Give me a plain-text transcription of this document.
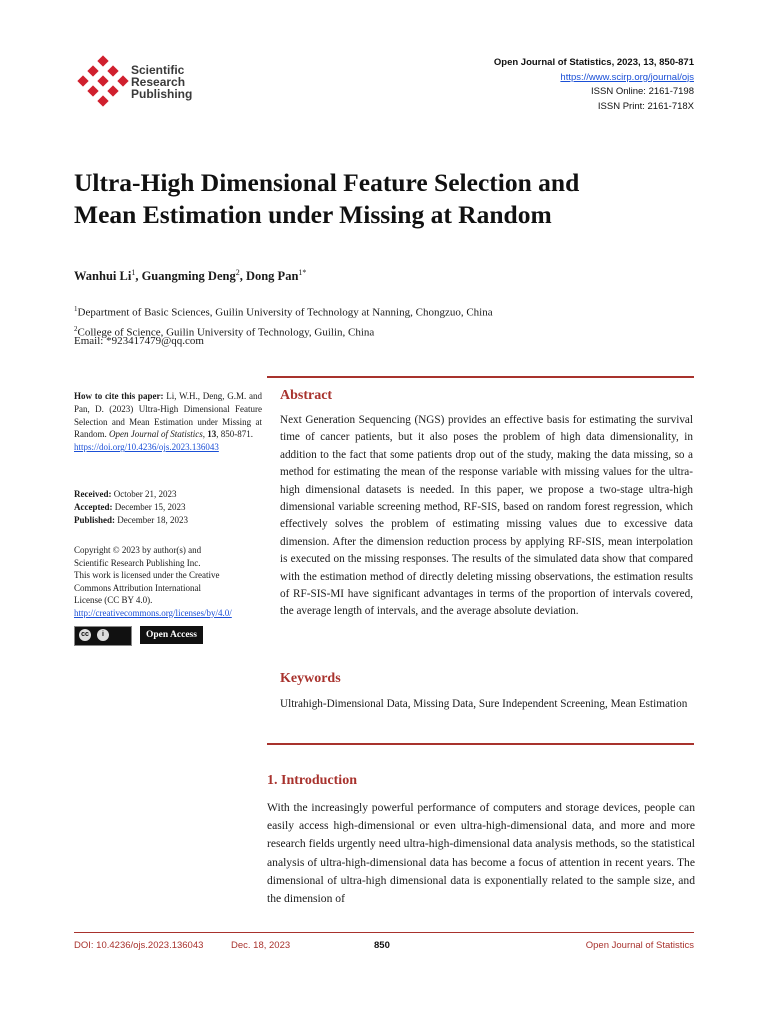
Scientific
Research
Publishing
Open Journal of Statistics, 2023, 13, 850-871
https://www.scirp.org/journal/ojs
ISSN Online: 2161-7198
ISSN Print: 2161-718X
Ultra-High Dimensional Feature Selection and
Mean Estimation under Missing at Random
Wanhui Li$^1$, Guangming Deng$^2$, Dong Pan$^{1*}$
$^1$Department of Basic Sciences, Guilin University of Technology at Nanning, Chongzuo, China
$^2$College of Science, Guilin University of Technology, Guilin, China
Email: *923417479@qq.com
How to cite this paper: Li, W.H., Deng, G.M. and Pan, D. (2023) Ultra-High Dimensional Feature Selection and Mean Estimation under Missing at Random. Open Journal of Statistics, 13, 850-871.
https://doi.org/10.4236/ojs.2023.136043
Received: October 21, 2023
Accepted: December 15, 2023
Published: December 18, 2023
Copyright © 2023 by author(s) and
Scientific Research Publishing Inc.
This work is licensed under the Creative
Commons Attribution International
License (CC BY 4.0).
http://creativecommons.org/licenses/by/4.0/
cc	i	Open Access
Abstract
Next Generation Sequencing (NGS) provides an effective basis for estimating the survival time of cancer patients, but it also poses the problem of high data dimensionality, in addition to the fact that some patients drop out of the study, making the data missing, so a method for estimating the mean of the response variable with missing values for the ultra-high dimensional datasets is needed. In this paper, we propose a two-stage ultra-high dimensional variable screening method, RF-SIS, based on random forest regression, which effectively solves the problem of estimating missing values due to excessive data dimension. After the dimension reduction process by applying RF-SIS, mean interpolation is executed on the missing responses. The results of the simulated data show that compared with the estimation method of directly deleting missing observations, the estimation results of RF-SIS-MI have significant advantages in terms of the proportion of intervals covered, the average length of intervals, and the average absolute deviation.
Keywords
Ultrahigh-Dimensional Data, Missing Data, Sure Independent Screening, Mean Estimation
1. Introduction
With the increasingly powerful performance of computers and storage devices, people can easily access high-dimensional or even ultra-high-dimensional data, and more and more research fields urgently need ultra-high-dimensional data analysis methods, so the statistical analysis of ultra-high-dimensional data has become a focus of attention in recent years. The dimensional of ultra-high dimensional data is exponentially related to the sample size, and the dimension of
DOI: 10.4236/ojs.2023.136043	Dec. 18, 2023	850	Open Journal of Statistics
